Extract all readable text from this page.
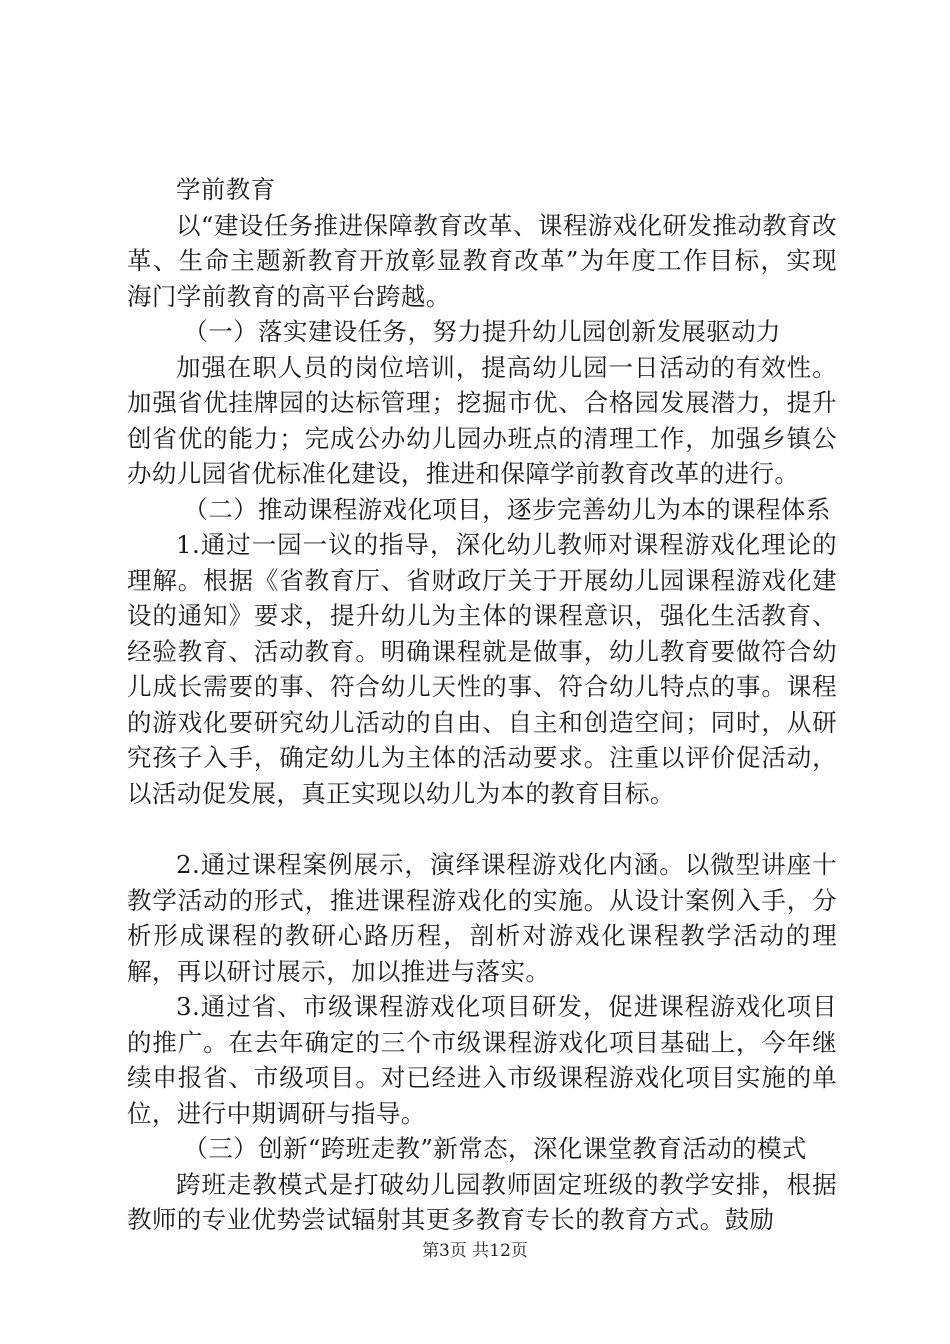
学前教育

以“建设任务推进保障教育改革、课程游戏化研发推动教育改革、生命主题新教育开放彰显教育改革”为年度工作目标，实现海门学前教育的高平台跨越。

（一）落实建设任务，努力提升幼儿园创新发展驱动力

加强在职人员的岗位培训，提高幼儿园一日活动的有效性。加强省优挂牌园的达标管理；挖掘市优、合格园发展潜力，提升创省优的能力；完成公办幼儿园办班点的清理工作，加强乡镇公办幼儿园省优标准化建设，推进和保障学前教育改革的进行。

（二）推动课程游戏化项目，逐步完善幼儿为本的课程体系

1.通过一园一议的指导，深化幼儿教师对课程游戏化理论的理解。根据《省教育厅、省财政厅关于开展幼儿园课程游戏化建设的通知》要求，提升幼儿为主体的课程意识，强化生活教育、经验教育、活动教育。明确课程就是做事，幼儿教育要做符合幼儿成长需要的事、符合幼儿天性的事、符合幼儿特点的事。课程的游戏化要研究幼儿活动的自由、自主和创造空间；同时，从研究孩子入手，确定幼儿为主体的活动要求。注重以评价促活动，以活动促发展，真正实现以幼儿为本的教育目标。

2.通过课程案例展示，演绎课程游戏化内涵。以微型讲座十教学活动的形式，推进课程游戏化的实施。从设计案例入手，分析形成课程的教研心路历程，剖析对游戏化课程教学活动的理解，再以研讨展示，加以推进与落实。

3.通过省、市级课程游戏化项目研发，促进课程游戏化项目的推广。在去年确定的三个市级课程游戏化项目基础上，今年继续申报省、市级项目。对已经进入市级课程游戏化项目实施的单位，进行中期调研与指导。

（三）创新“跨班走教”新常态，深化课堂教育活动的模式

跨班走教模式是打破幼儿园教师固定班级的教学安排，根据教师的专业优势尝试辐射其更多教育专长的教育方式。鼓励

第3页 共12页
